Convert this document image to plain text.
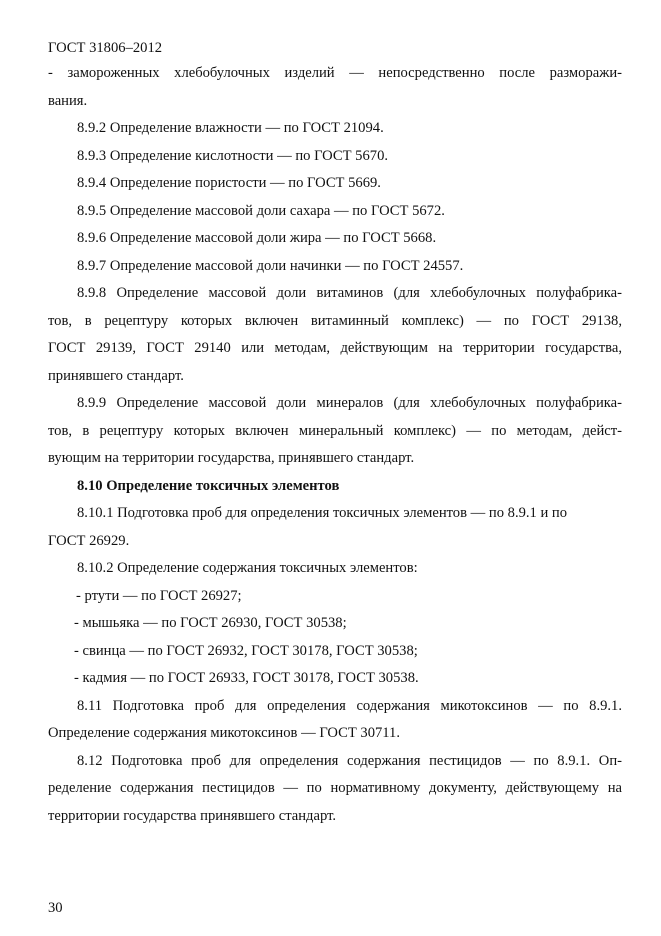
ГОСТ 31806–2012
- замороженных хлебобулочных изделий — непосредственно после разморажи-
вания.
8.9.2 Определение влажности — по ГОСТ 21094.
8.9.3 Определение кислотности — по ГОСТ 5670.
8.9.4 Определение пористости — по ГОСТ 5669.
8.9.5 Определение массовой доли сахара — по ГОСТ 5672.
8.9.6 Определение массовой доли жира — по ГОСТ 5668.
8.9.7 Определение массовой доли начинки — по ГОСТ 24557.
8.9.8 Определение массовой доли витаминов (для хлебобулочных полуфабрика-
тов, в рецептуру которых включен витаминный комплекс) — по ГОСТ 29138,
ГОСТ 29139, ГОСТ 29140 или методам, действующим на территории государства,
принявшего стандарт.
8.9.9 Определение массовой доли минералов (для хлебобулочных полуфабрика-
тов, в рецептуру которых включен минеральный комплекс) — по методам, дейст-
вующим на территории государства, принявшего стандарт.
8.10 Определение токсичных элементов
8.10.1 Подготовка проб для определения токсичных элементов — по 8.9.1 и по
ГОСТ 26929.
8.10.2 Определение содержания токсичных элементов:
- ртути — по ГОСТ 26927;
- мышьяка — по ГОСТ 26930, ГОСТ 30538;
- свинца — по ГОСТ 26932, ГОСТ 30178, ГОСТ 30538;
- кадмия — по ГОСТ 26933, ГОСТ 30178, ГОСТ 30538.
8.11 Подготовка проб для определения содержания микотоксинов — по 8.9.1.
Определение содержания микотоксинов — ГОСТ 30711.
8.12 Подготовка проб для определения содержания пестицидов — по 8.9.1. Оп-
ределение содержания пестицидов — по нормативному документу, действующему на
территории государства принявшего стандарт.
30
